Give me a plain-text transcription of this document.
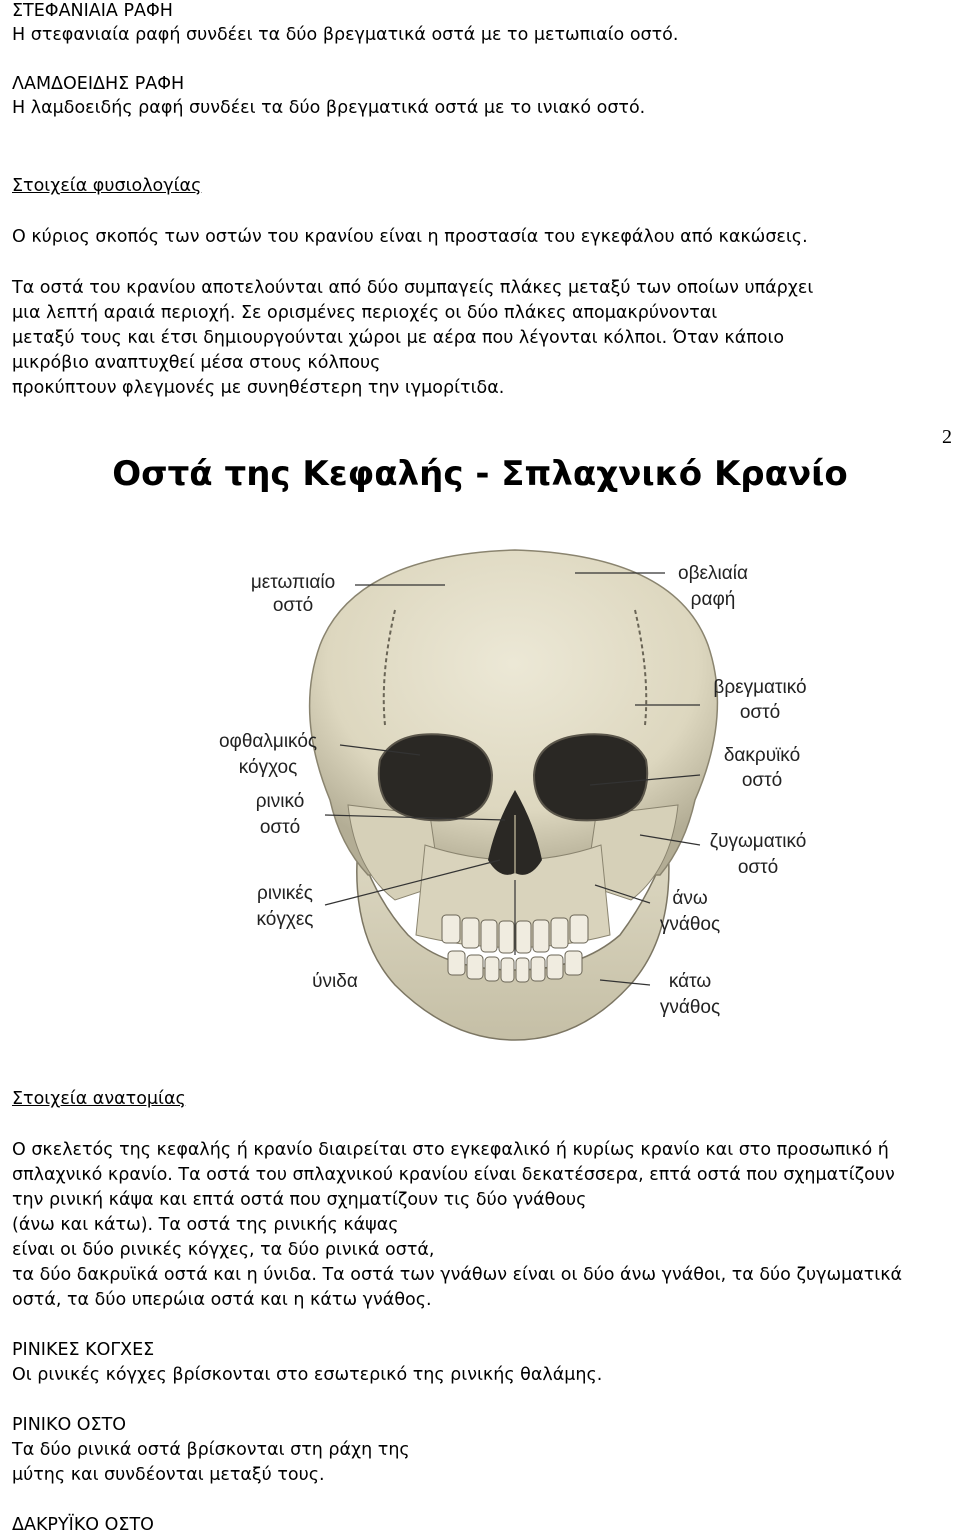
ΣΤΕΦΑΝΙΑΙΑ ΡΑΦΗ
Η στεφανιαία ραφή συνδέει τα δύο βρεγματικά οστά με το μετωπιαίο οστό.
ΛΑΜΔΟΕΙΔΗΣ ΡΑΦΗ
Η λαμδοειδής ραφή συνδέει τα δύο βρεγματικά οστά με το ινιακό οστό.
Στοιχεία φυσιολογίας
Ο κύριος σκοπός των οστών του κρανίου είναι η προστασία του εγκεφάλου από κακώσεις.
Τα οστά του κρανίου αποτελούνται από δύο συμπαγείς πλάκες μεταξύ των οποίων υπάρχει
μια λεπτή αραιά περιοχή. Σε ορισμένες περιοχές οι δύο πλάκες απομακρύνονται
μεταξύ τους και έτσι δημιουργούνται χώροι με αέρα που λέγονται κόλποι. Όταν κάποιο
μικρόβιο αναπτυχθεί μέσα στους κόλπους
προκύπτουν φλεγμονές με συνηθέστερη την ιγμορίτιδα.
2
Οστά της Κεφαλής - Σπλαχνικό Κρανίο
μετωπιαίο
οστό
οβελιαία
ραφή
βρεγματικό
οστό
οφθαλμικός
κόγχος
δακρυϊκό
οστό
ρινικό
οστό
ζυγωματικό
οστό
ρινικές
κόγχες
άνω
γνάθος
ύνιδα	κάτω
γνάθος
Στοιχεία ανατομίας
Ο σκελετός της κεφαλής ή κρανίο διαιρείται στο εγκεφαλικό ή κυρίως κρανίο και στο προσωπικό ή
σπλαχνικό κρανίο. Τα οστά του σπλαχνικού κρανίου είναι δεκατέσσερα, επτά οστά που σχηματίζουν
την ρινική κάψα και επτά οστά που σχηματίζουν τις δύο γνάθους
(άνω και κάτω). Τα οστά της ρινικής κάψας
είναι οι δύο ρινικές κόγχες, τα δύο ρινικά οστά,
τα δύο δακρυϊκά οστά και η ύνιδα. Τα οστά των γνάθων είναι οι δύο άνω γνάθοι, τα δύο ζυγωματικά
οστά, τα δύο υπερώια οστά και η κάτω γνάθος.
ΡΙΝΙΚΕΣ ΚΟΓΧΕΣ
Οι ρινικές κόγχες βρίσκονται στο εσωτερικό της ρινικής θαλάμης.
ΡΙΝΙΚΟ ΟΣΤΟ
Τα δύο ρινικά οστά βρίσκονται στη ράχη της
μύτης και συνδέονται μεταξύ τους.
ΔΑΚΡΥΪΚΟ ΟΣΤΟ
